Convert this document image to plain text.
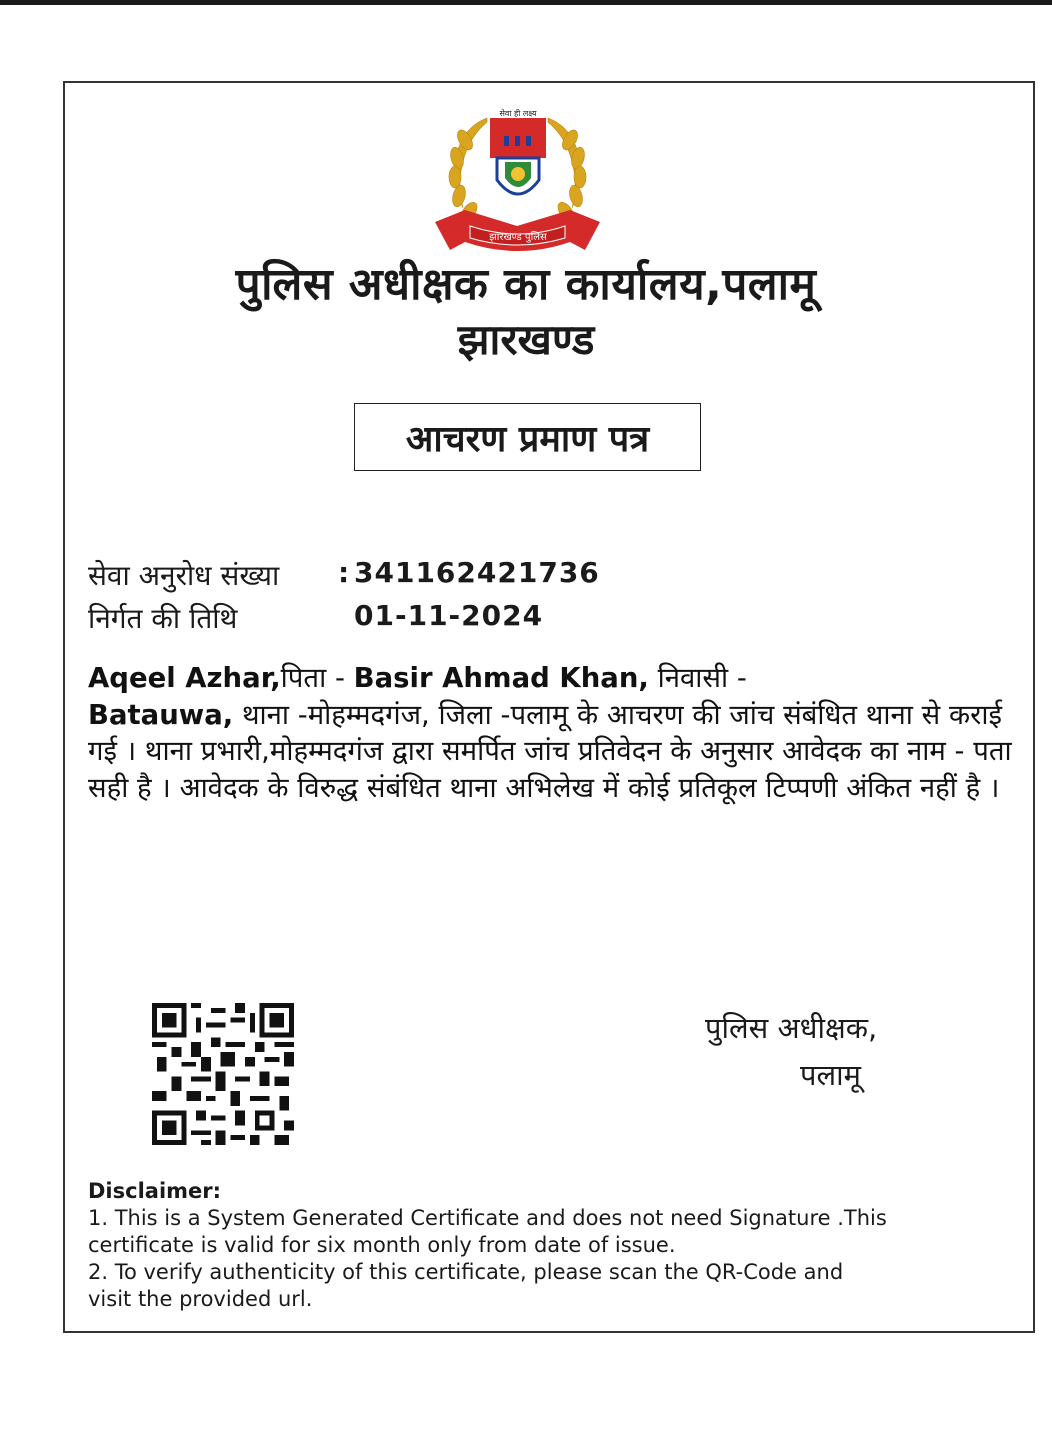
सेवा ही लक्ष्य
झारखण्ड पुलिस
पुलिस अधीक्षक का कार्यालय,पलामू
झारखण्ड
आचरण प्रमाण पत्र
सेवा अनुरोध संख्या : 341162421736
निर्गत की तिथि	01-11-2024
Aqeel Azhar,पिता - Basir Ahmad Khan, निवासी -
Batauwa, थाना -मोहम्मदगंज, जिला -पलामू के आचरण की जांच संबंधित थाना से कराई गई । थाना प्रभारी,मोहम्मदगंज द्वारा समर्पित जांच प्रतिवेदन के अनुसार आवेदक का नाम - पता सही है । आवेदक के विरुद्ध संबंधित थाना अभिलेख में कोई प्रतिकूल टिप्पणी अंकित नहीं है ।
पुलिस अधीक्षक,
पलामू
Disclaimer:
1. This is a System Generated Certificate and does not need Signature .This
certificate is valid for six month only from date of issue.
2. To verify authenticity of this certificate, please scan the QR-Code and
visit the provided url.
